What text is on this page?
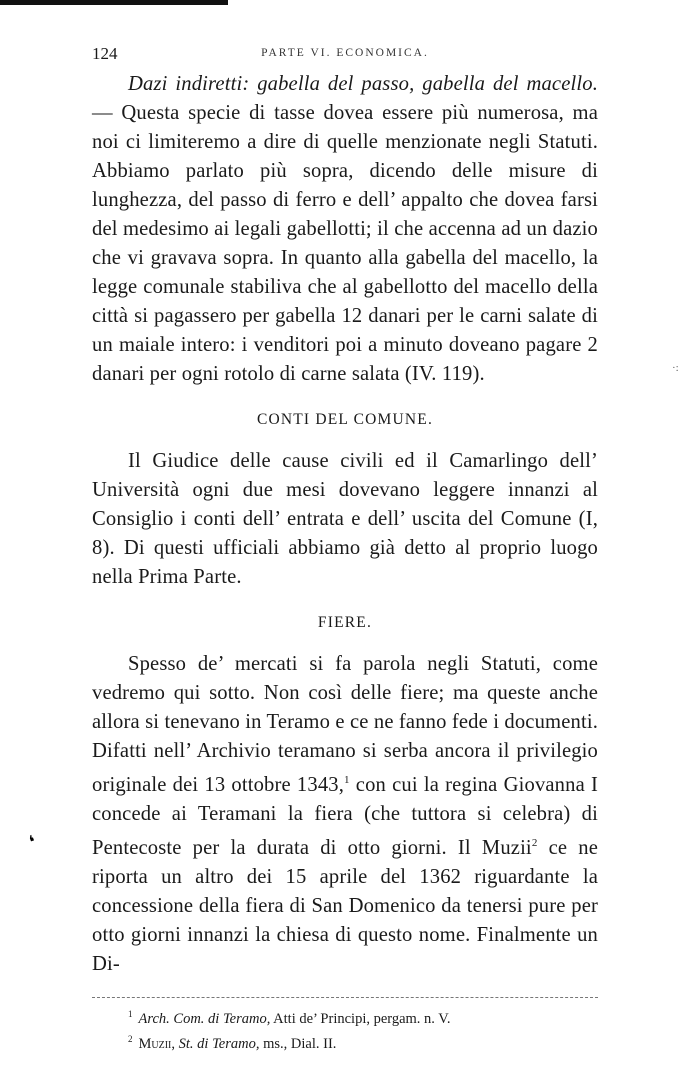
·:
❛
124	PARTE VI. ECONOMICA.

Dazi indiretti: gabella del passo, gabella del macello. — Questa specie di tasse dovea essere più numerosa, ma noi ci limiteremo a dire di quelle menzionate negli Statuti. Abbiamo parlato più sopra, dicendo delle misure di lunghezza, del passo di ferro e dell’ appalto che dovea farsi del medesimo ai legali gabellotti; il che accenna ad un dazio che vi gravava sopra. In quanto alla gabella del macello, la legge comunale stabiliva che al gabellotto del macello della città si pagassero per gabella 12 danari per le carni salate di un maiale intero: i venditori poi a minuto doveano pagare 2 danari per ogni rotolo di carne salata (IV. 119).

CONTI DEL COMUNE.

Il Giudice delle cause civili ed il Camarlingo dell’ Università ogni due mesi dovevano leggere innanzi al Consiglio i conti dell’ entrata e dell’ uscita del Comune (I, 8). Di questi ufficiali abbiamo già detto al proprio luogo nella Prima Parte.

FIERE.

Spesso de’ mercati si fa parola negli Statuti, come vedremo qui sotto. Non così delle fiere; ma queste anche allora si tenevano in Teramo e ce ne fanno fede i documenti. Difatti nell’ Archivio teramano si serba ancora il privilegio originale dei 13 ottobre 1343,$^1$ con cui la regina Giovanna I concede ai Teramani la fiera (che tuttora si celebra) di Pentecoste per la durata di otto giorni. Il Muzii$^2$ ce ne riporta un altro dei 15 aprile del 1362 riguardante la concessione della fiera di San Domenico da tenersi pure per otto giorni innanzi la chiesa di questo nome. Finalmente un Di-

$^1$ Arch. Com. di Teramo, Atti de’ Principi, pergam. n. V.
$^2$ Muzii, St. di Teramo, ms., Dial. II.
